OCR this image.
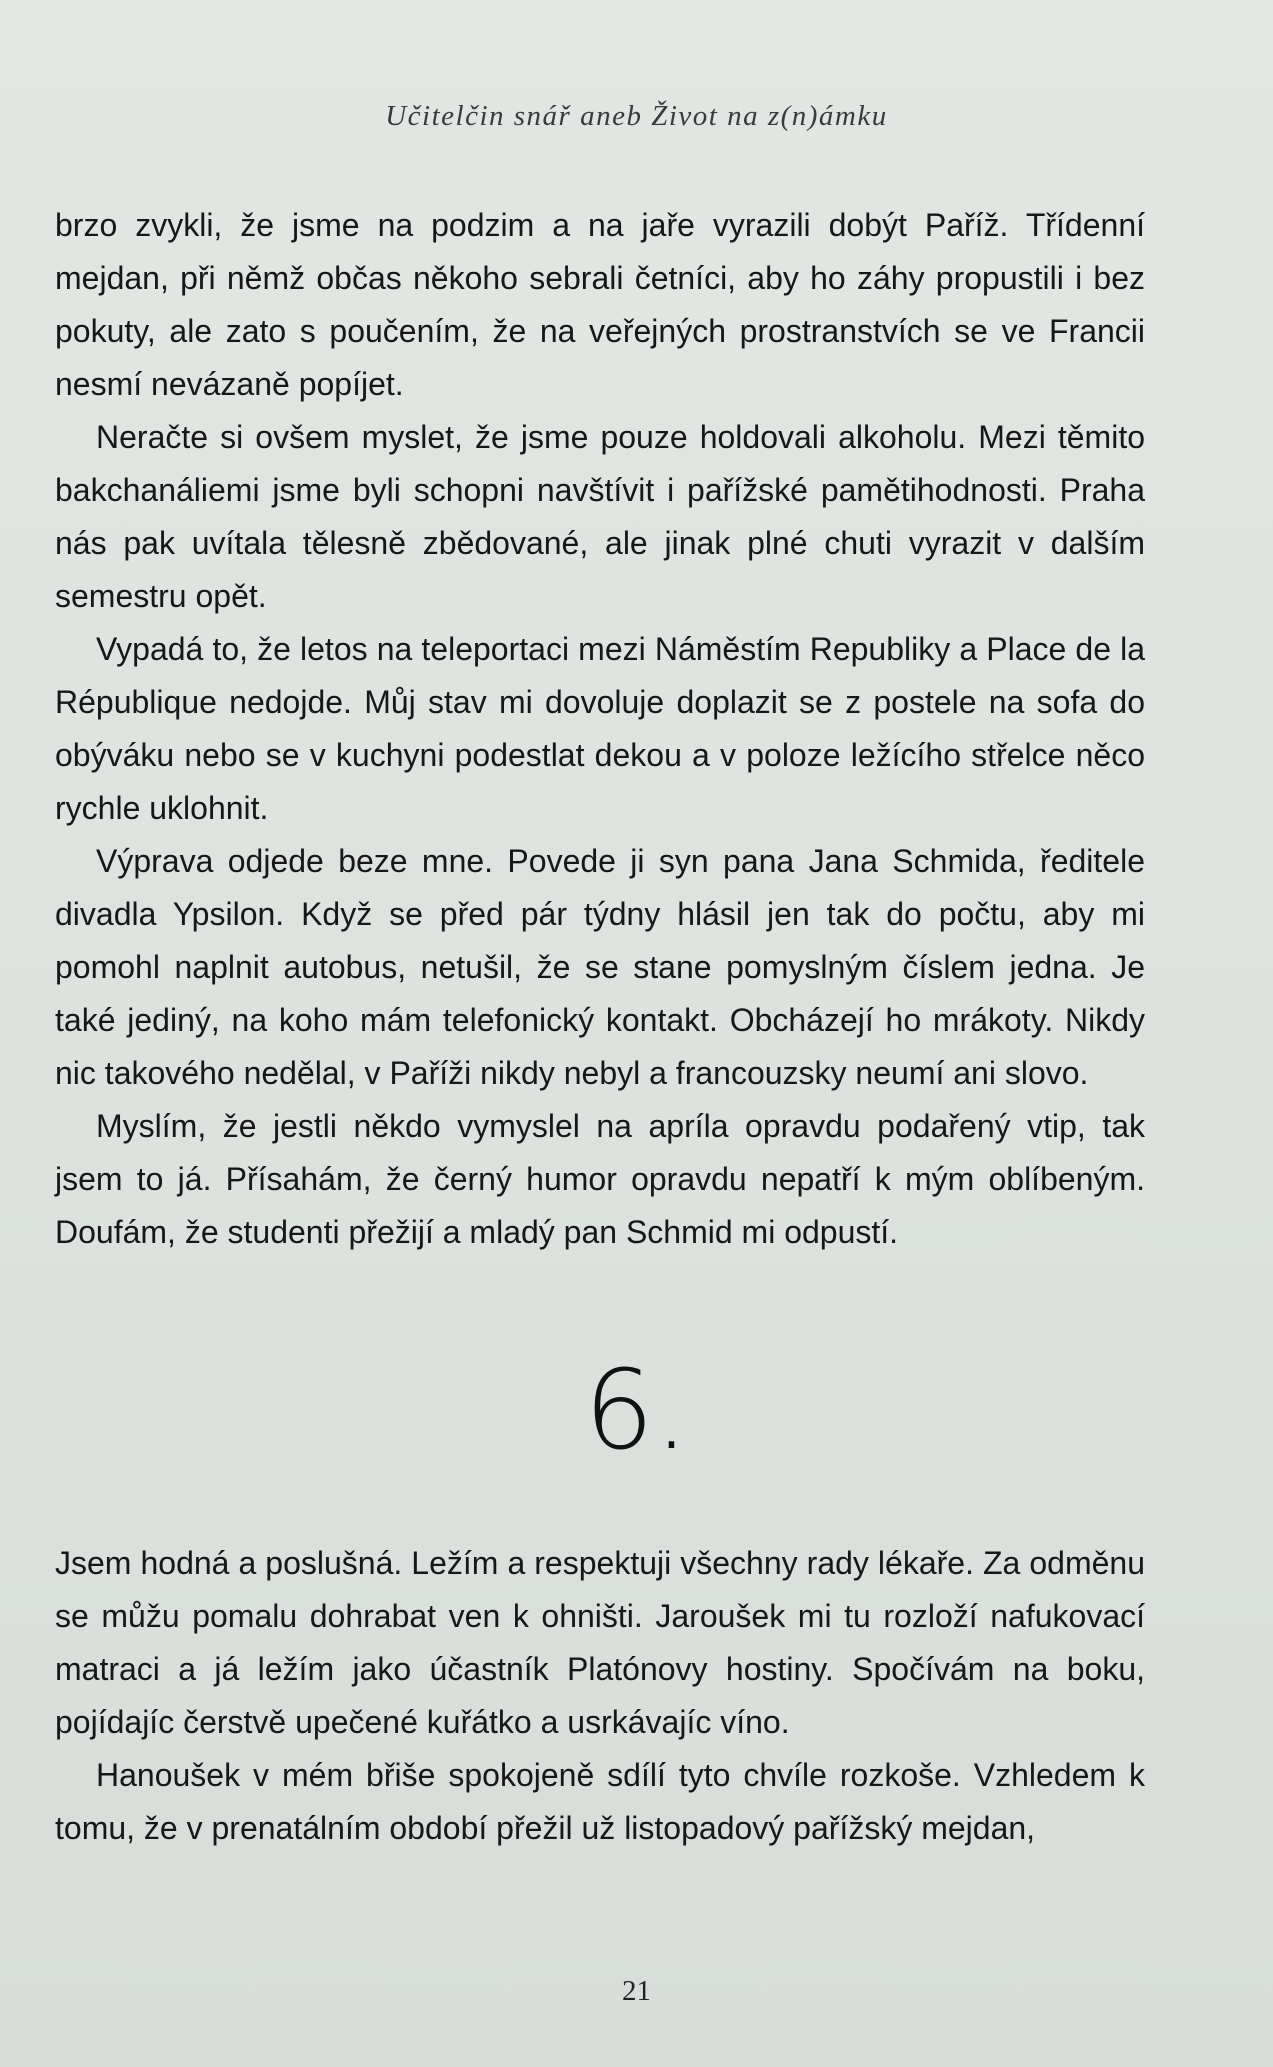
Učitelčin snář aneb Život na z(n)ámku

brzo zvykli, že jsme na podzim a na jaře vyrazili dobýt Paříž. Třídenní mejdan, při němž občas někoho sebrali četníci, aby ho záhy propustili i bez pokuty, ale zato s poučením, že na veřejných prostranstvích se ve Francii nesmí nevázaně popíjet.

Neračte si ovšem myslet, že jsme pouze holdovali alkoholu. Mezi těmito bakchanáliemi jsme byli schopni navštívit i pařížské pamětihodnosti. Praha nás pak uvítala tělesně zbědované, ale jinak plné chuti vyrazit v dalším semestru opět.

Vypadá to, že letos na teleportaci mezi Náměstím Republiky a Place de la République nedojde. Můj stav mi dovoluje doplazit se z postele na sofa do obýváku nebo se v kuchyni podestlat dekou a v poloze ležícího střelce něco rychle uklohnit.

Výprava odjede beze mne. Povede ji syn pana Jana Schmida, ředitele divadla Ypsilon. Když se před pár týdny hlásil jen tak do počtu, aby mi pomohl naplnit autobus, netušil, že se stane pomyslným číslem jedna. Je také jediný, na koho mám telefonický kontakt. Obcházejí ho mrákoty. Nikdy nic takového nedělal, v Paříži nikdy nebyl a francouzsky neumí ani slovo.

Myslím, že jestli někdo vymyslel na apríla opravdu podařený vtip, tak jsem to já. Přísahám, že černý humor opravdu nepatří k mým oblíbeným. Doufám, že studenti přežijí a mladý pan Schmid mi odpustí.

6.

Jsem hodná a poslušná. Ležím a respektuji všechny rady lékaře. Za odměnu se můžu pomalu dohrabat ven k ohništi. Jaroušek mi tu rozloží nafukovací matraci a já ležím jako účastník Platónovy hostiny. Spočívám na boku, pojídajíc čerstvě upečené kuřátko a usrkávajíc víno.

Hanoušek v mém břiše spokojeně sdílí tyto chvíle rozkoše. Vzhledem k tomu, že v prenatálním období přežil už listopadový pařížský mejdan,

21
